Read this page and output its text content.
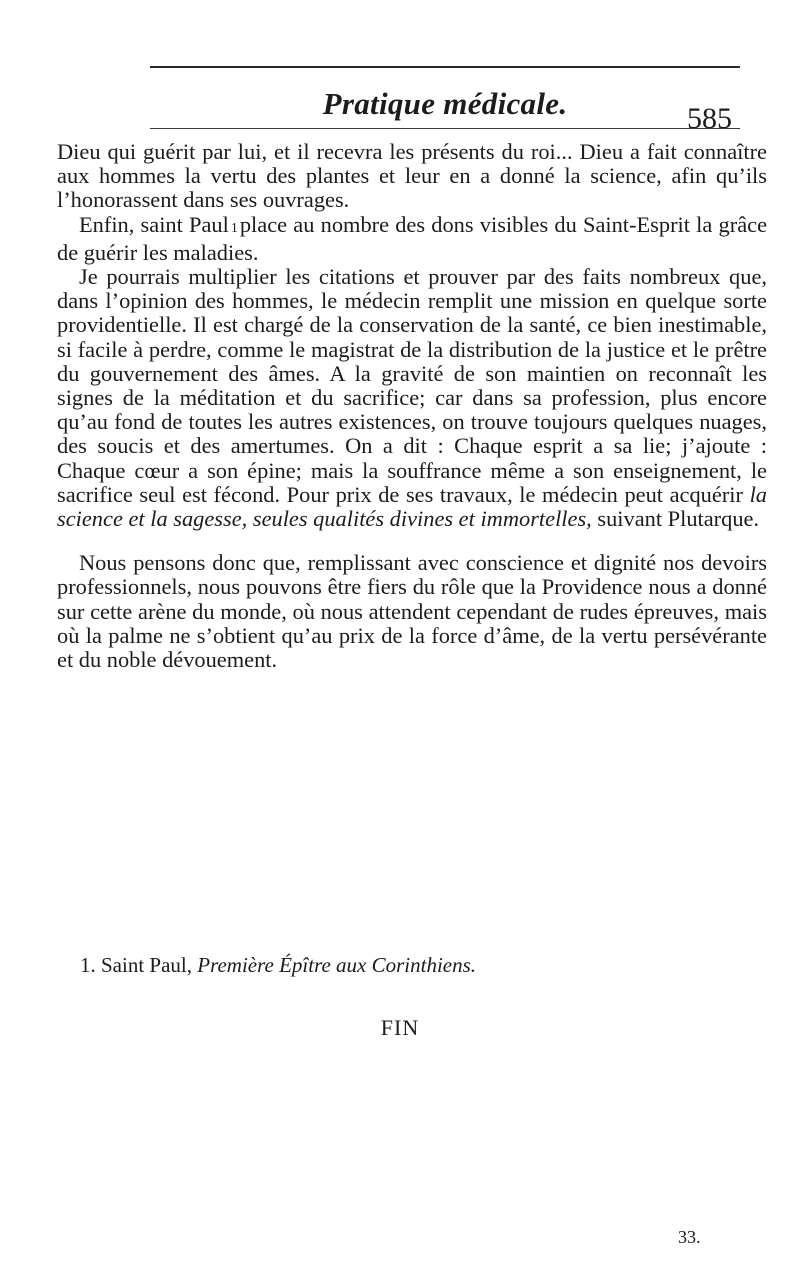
Pratique médicale.	585

Dieu qui guérit par lui, et il recevra les présents du roi... Dieu a fait connaître aux hommes la vertu des plantes et leur en a donné la science, afin qu’ils l’honorassent dans ses ouvrages.

Enfin, saint Paul 1place au nombre des dons visibles du Saint-Esprit la grâce de guérir les maladies.

Je pourrais multiplier les citations et prouver par des faits nombreux que, dans l’opinion des hommes, le médecin remplit une mission en quelque sorte providentielle. Il est chargé de la conservation de la santé, ce bien inestimable, si facile à perdre, comme le magistrat de la distribution de la justice et le prêtre du gouvernement des âmes. A la gravité de son maintien on reconnaît les signes de la méditation et du sacrifice; car dans sa profession, plus encore qu’au fond de toutes les autres existences, on trouve toujours quelques nuages, des soucis et des amertumes. On a dit : Chaque esprit a sa lie; j’ajoute : Chaque cœur a son épine; mais la souffrance même a son enseignement, le sacrifice seul est fécond. Pour prix de ses travaux, le médecin peut acquérir la science et la sagesse, seules qualités divines et immortelles, suivant Plutarque.

Nous pensons donc que, remplissant avec conscience et dignité nos devoirs professionnels, nous pouvons être fiers du rôle que la Providence nous a donné sur cette arène du monde, où nous attendent cependant de rudes épreuves, mais où la palme ne s’obtient qu’au prix de la force d’âme, de la vertu persévérante et du noble dévouement.

1. Saint Paul, Première Épître aux Corinthiens.
FIN
33.
